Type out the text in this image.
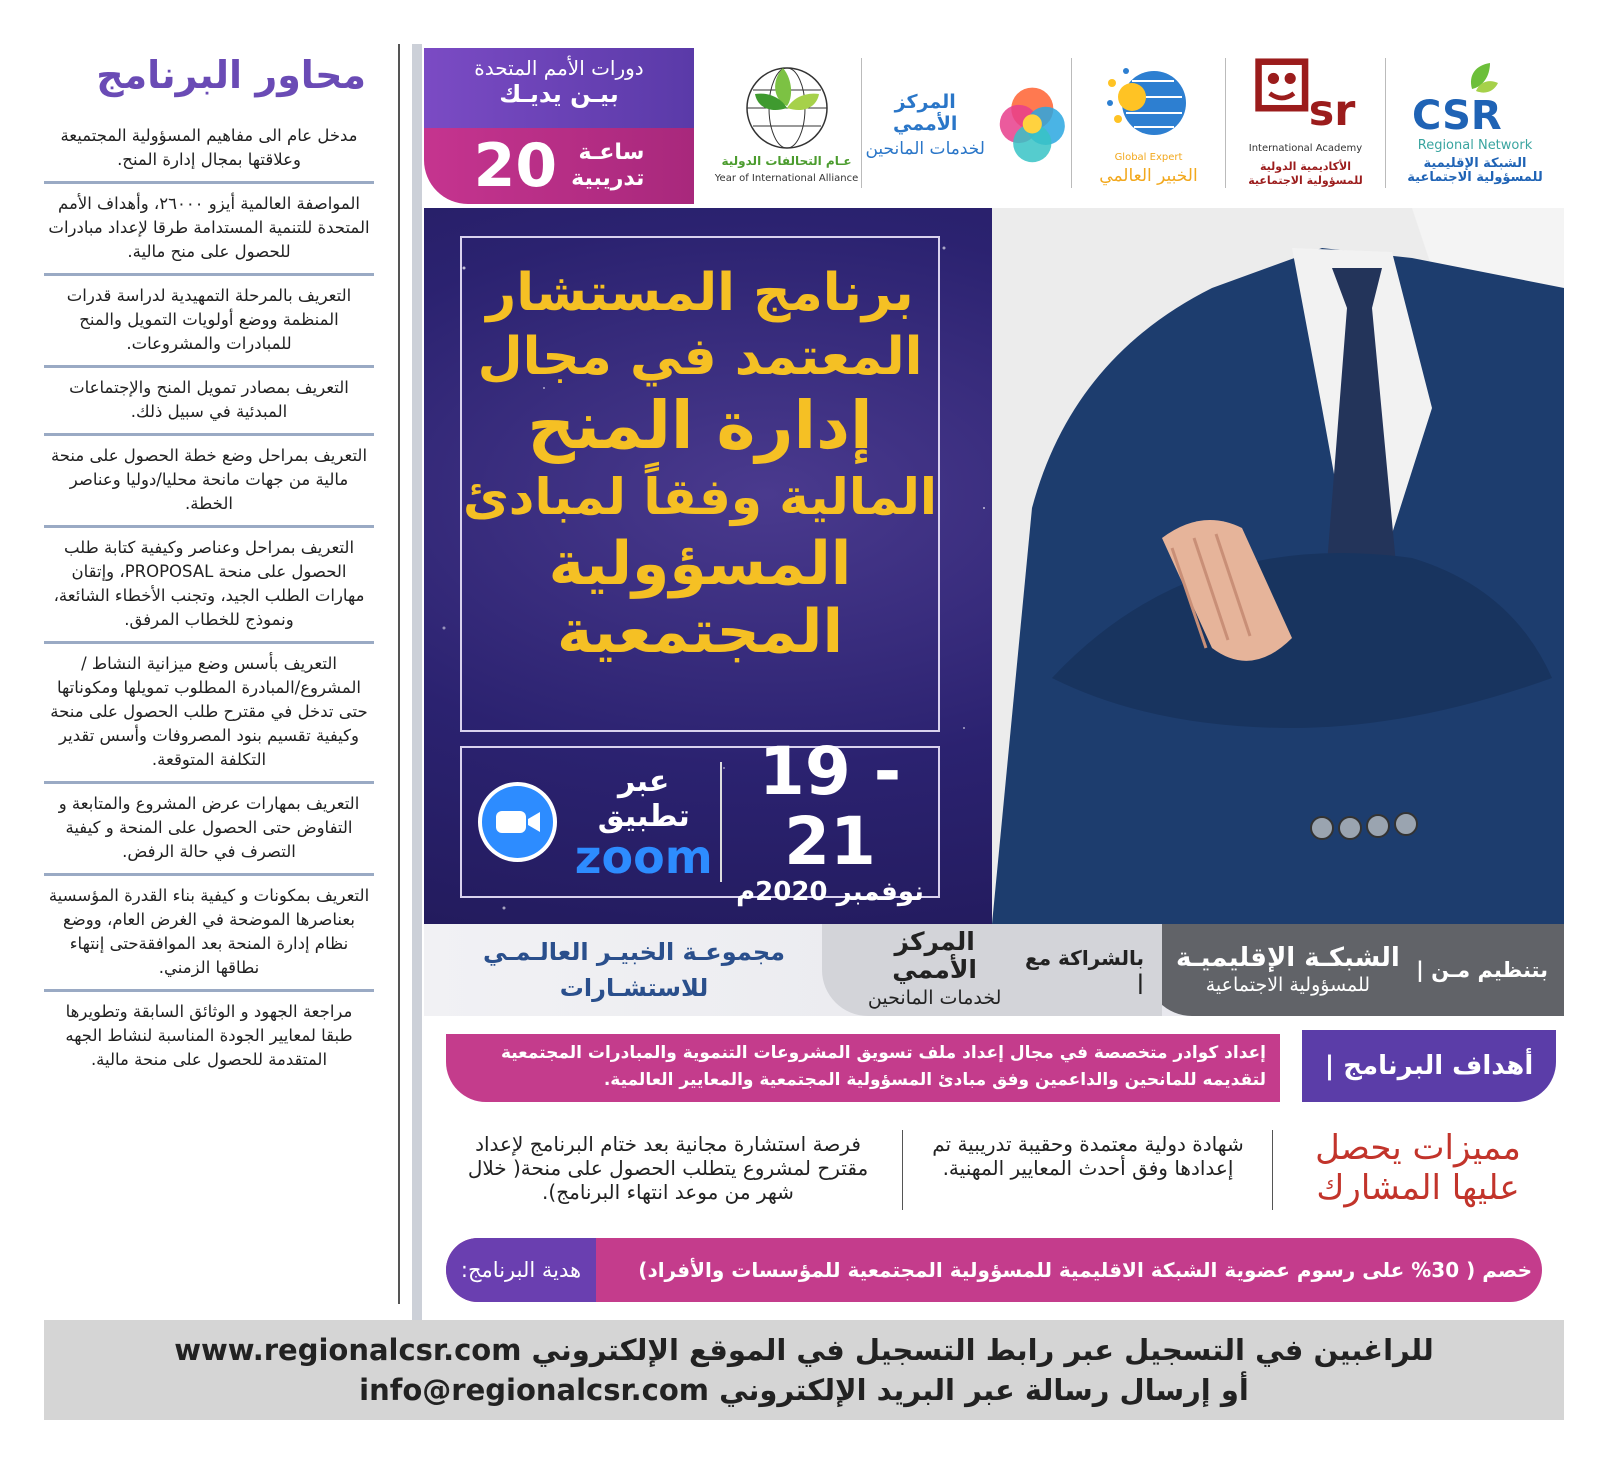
محاور البرنامج
مدخل عام الى مفاهيم المسؤولية المجتميعة وعلاقتها بمجال إدارة المنح.
المواصفة العالمية أيزو ٢٦٠٠٠، وأهداف الأمم المتحدة للتنمية المستدامة طرقا لإعداد مبادرات للحصول على منح مالية.
التعريف بالمرحلة التمهيدية لدراسة قدرات المنظمة ووضع أولويات التمويل والمنح للمبادرات والمشروعات.
التعريف بمصادر تمويل المنح والإجتماعات المبدئية في سبيل ذلك.
التعريف بمراحل وضع خطة الحصول على منحة مالية من جهات مانحة محليا/دوليا وعناصر الخطة.
التعريف بمراحل وعناصر وكيفية كتابة طلب الحصول على منحة PROPOSAL، وإتقان مهارات الطلب الجيد، وتجنب الأخطاء الشائعة، ونموذج للخطاب المرفق.
التعريف بأسس وضع ميزانية النشاط /المشروع/المبادرة المطلوب تمويلها ومكوناتها حتى تدخل في مقترح طلب الحصول على منحة وكيفية تقسيم بنود المصروفات وأسس تقدير التكلفة المتوقعة.
التعريف بمهارات عرض المشروع والمتابعة و التفاوض حتى الحصول على المنحة و كيفية التصرف في حالة الرفض.
التعريف بمكونات و كيفية بناء القدرة المؤسسية بعناصرها الموضحة في الغرض العام، ووضع نظام إدارة المنحة بعد الموافقةحتى إنتهاء نطاقها الزمني.
مراجعة الجهود و الوثائق السابقة وتطويرها طبقا لمعايير الجودة المناسبة لنشاط الجهه المتقدمة للحصول على منحة مالية.
دورات الأمم المتحدة
بيـن يديـك
20 ساعـة
تدريبية
عـام التحالفات الدولية
Year of International Alliance
المركز الأممي
لخدمات المانحين	Global Expert
الخبير العالمي
sr
International Academy
الأكاديمية الدولية للمسؤولية الاجتماعية
CSR
Regional Network
الشبكة الإقليمية للمسؤولية الاجتماعية
برنامج المستشار
المعتمد في مجال
إدارة المنح
المالية وفقاً لمبادئ
المسؤولية
المجتمعية
عبر تطبيق
zoom
19 - 21
نوفمبر 2020م
بتنظيم مـن |
الشبكـة الإقليميـة
للمسؤولية الاجتماعية
بالشراكة مع |
المركز الأممي
لخدمات المانحين
مجموعـة الخبيـر العالـمـي للاستشـارات
أهداف البرنامج |
إعداد كوادر متخصصة في مجال إعداد ملف تسويق المشروعات التنموية والمبادرات المجتمعية لتقديمه للمانحين والداعمين وفق مبادئ المسؤولية المجتمعية والمعايير العالمية.
مميزات يحصل عليها المشارك
شهادة دولية معتمدة وحقيبة تدريبية تم إعدادها وفق أحدث المعايير المهنية.
فرصة استشارة مجانية بعد ختام البرنامج لإعداد مقترح لمشروع يتطلب الحصول على منحة( خلال شهر من موعد انتهاء البرنامج).
خصم ( 30% على رسوم عضوية الشبكة الاقليمية للمسؤولية المجتمعية للمؤسسات والأفراد)
هدية البرنامج:
للراغبين في التسجيل عبر رابط التسجيل في الموقع الإلكتروني www.regionalcsr.com
أو إرسال رسالة عبر البريد الإلكتروني info@regionalcsr.com
